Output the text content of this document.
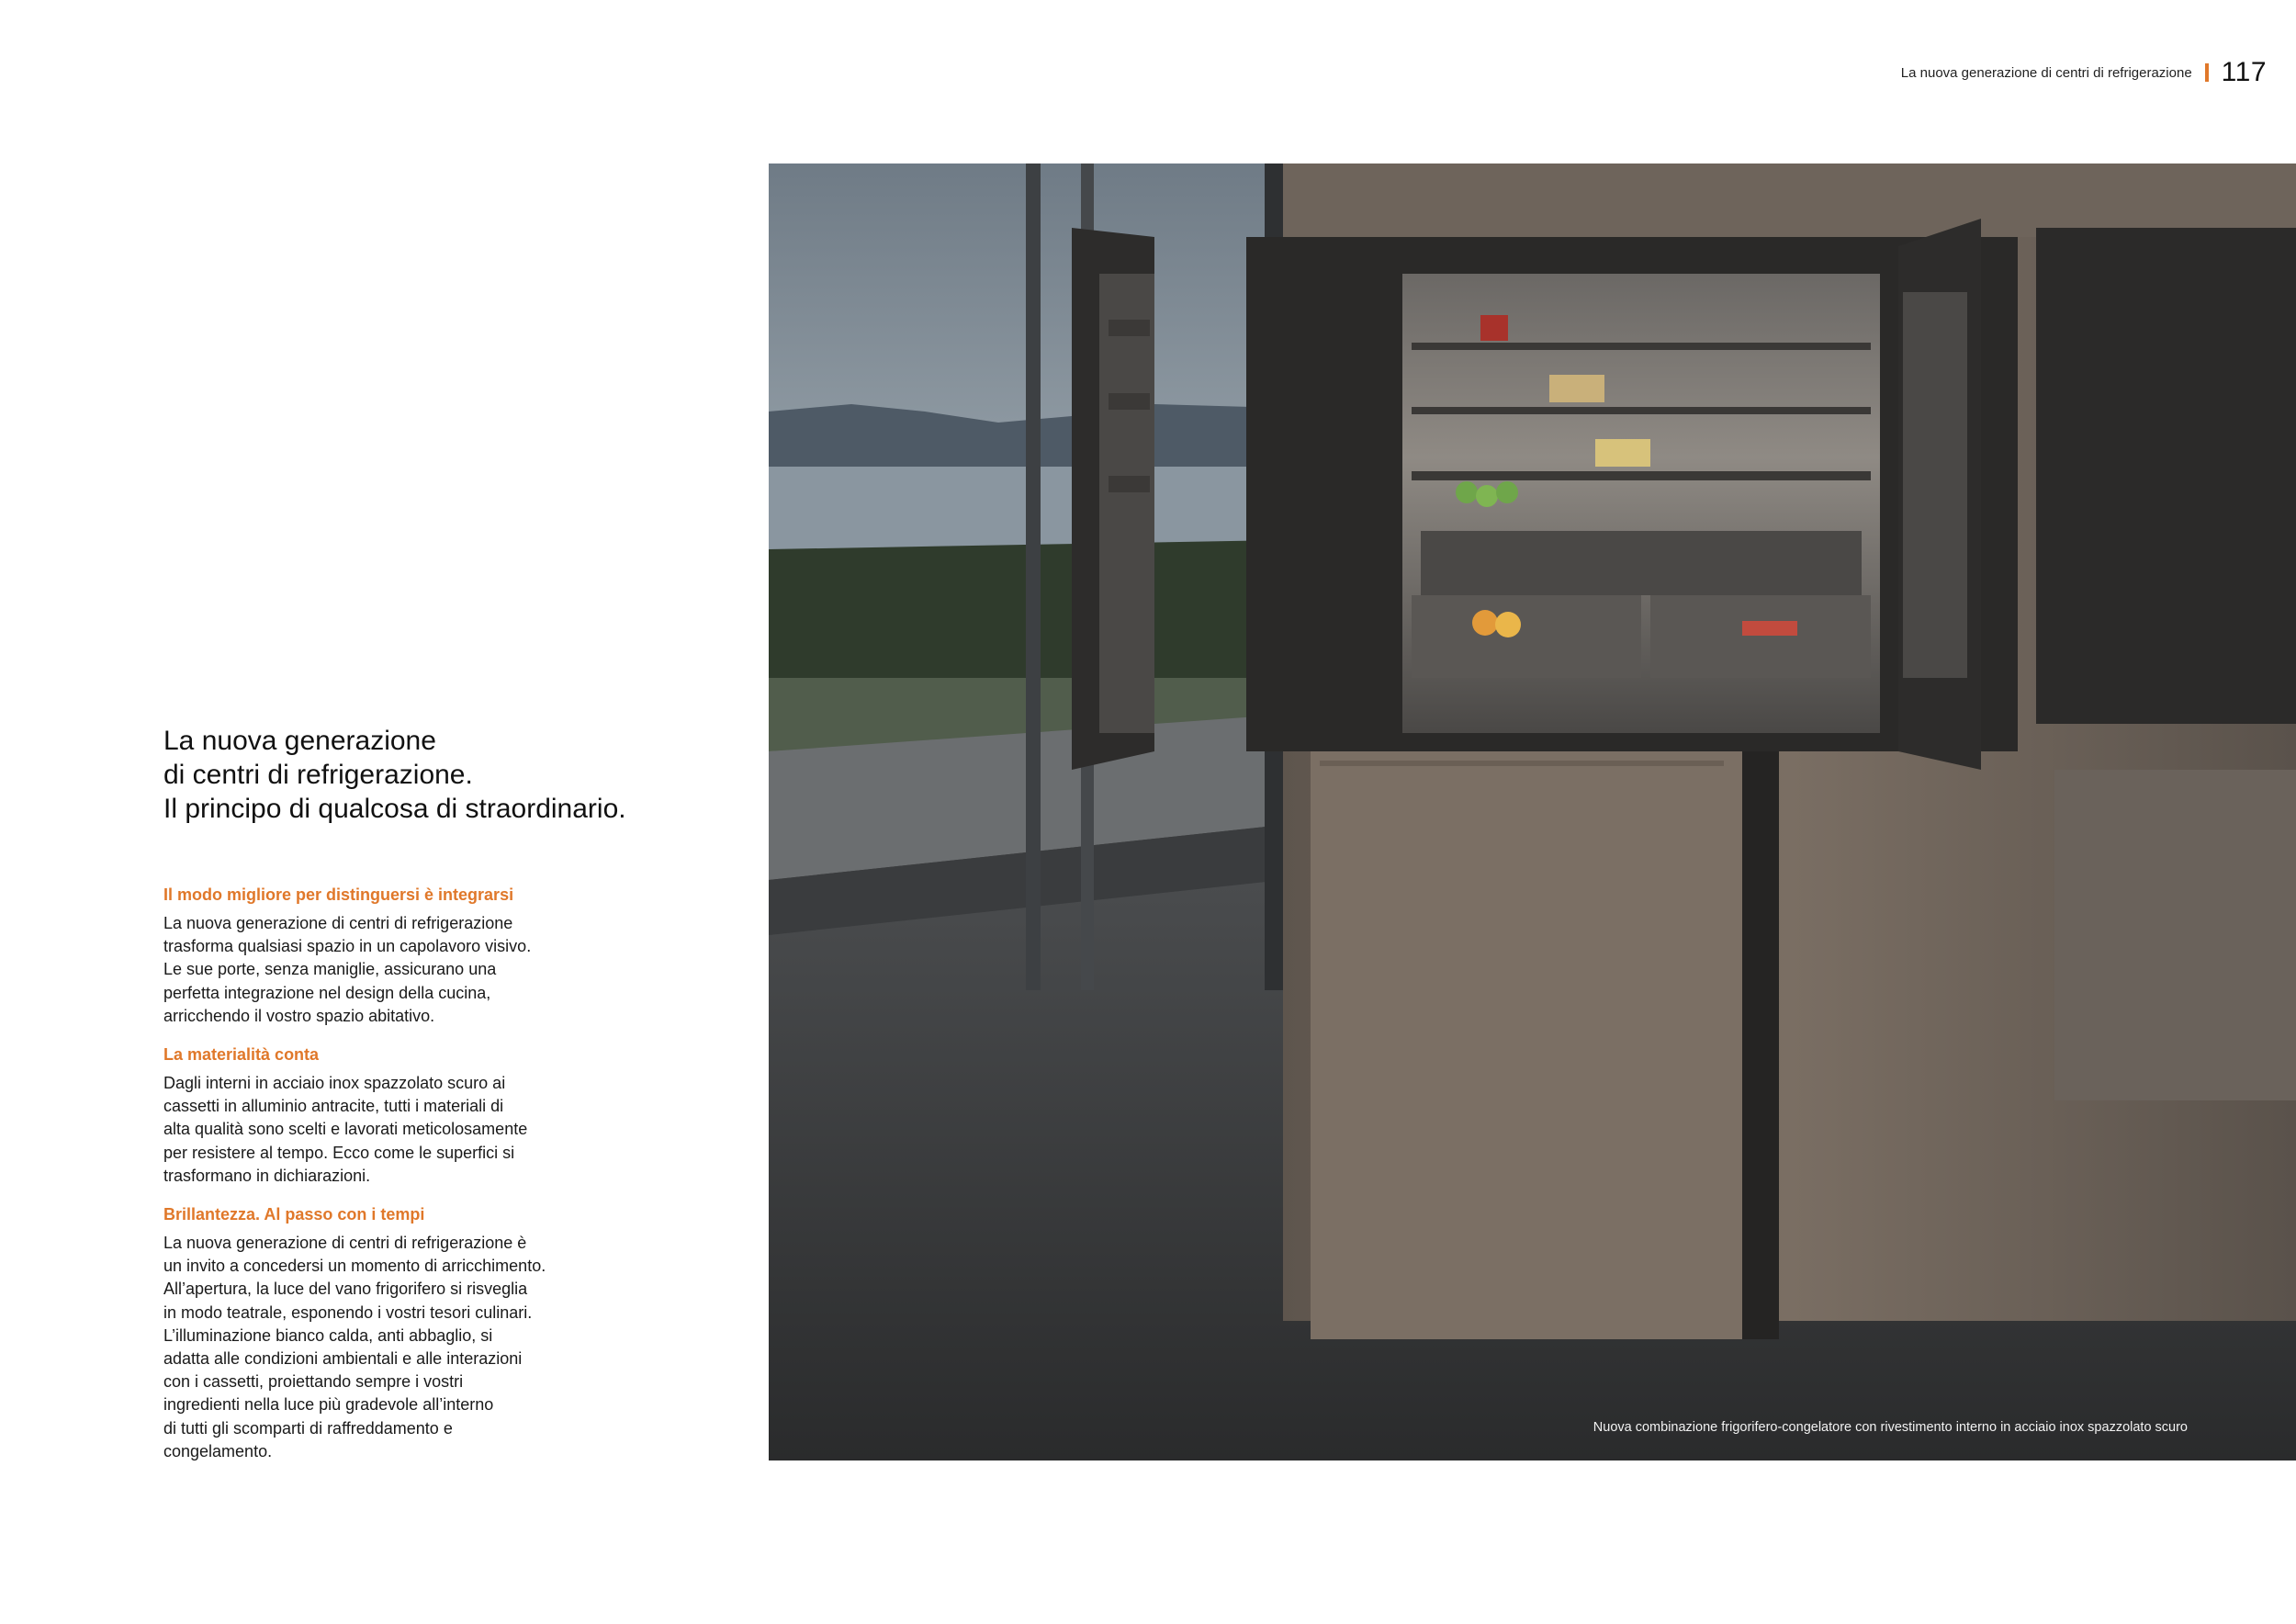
La nuova generazione di centri di refrigerazione 117
La nuova generazione
di centri di refrigerazione.
Il principo di qualcosa di straordinario.
Il modo migliore per distinguersi è integrarsi
La nuova generazione di centri di refrigerazione
trasforma qualsiasi spazio in un capolavoro visivo.
Le sue porte, senza maniglie, assicurano una
perfetta integrazione nel design della cucina,
arricchendo il vostro spazio abitativo.
La materialità conta
Dagli interni in acciaio inox spazzolato scuro ai
cassetti in alluminio antracite, tutti i materiali di
alta qualità sono scelti e lavorati meticolosamente
per resistere al tempo. Ecco come le superfici si
trasformano in dichiarazioni.
Brillantezza. Al passo con i tempi
La nuova generazione di centri di refrigerazione è
un invito a concedersi un momento di arricchimento.
All’apertura, la luce del vano frigorifero si risveglia
in modo teatrale, esponendo i vostri tesori culinari.
L’illuminazione bianco calda, anti abbaglio, si
adatta alle condizioni ambientali e alle interazioni
con i cassetti, proiettando sempre i vostri
ingredienti nella luce più gradevole all’interno
di tutti gli scomparti di raffreddamento e
congelamento.
Nuova combinazione frigorifero-congelatore con rivestimento interno in acciaio inox spazzolato scuro
